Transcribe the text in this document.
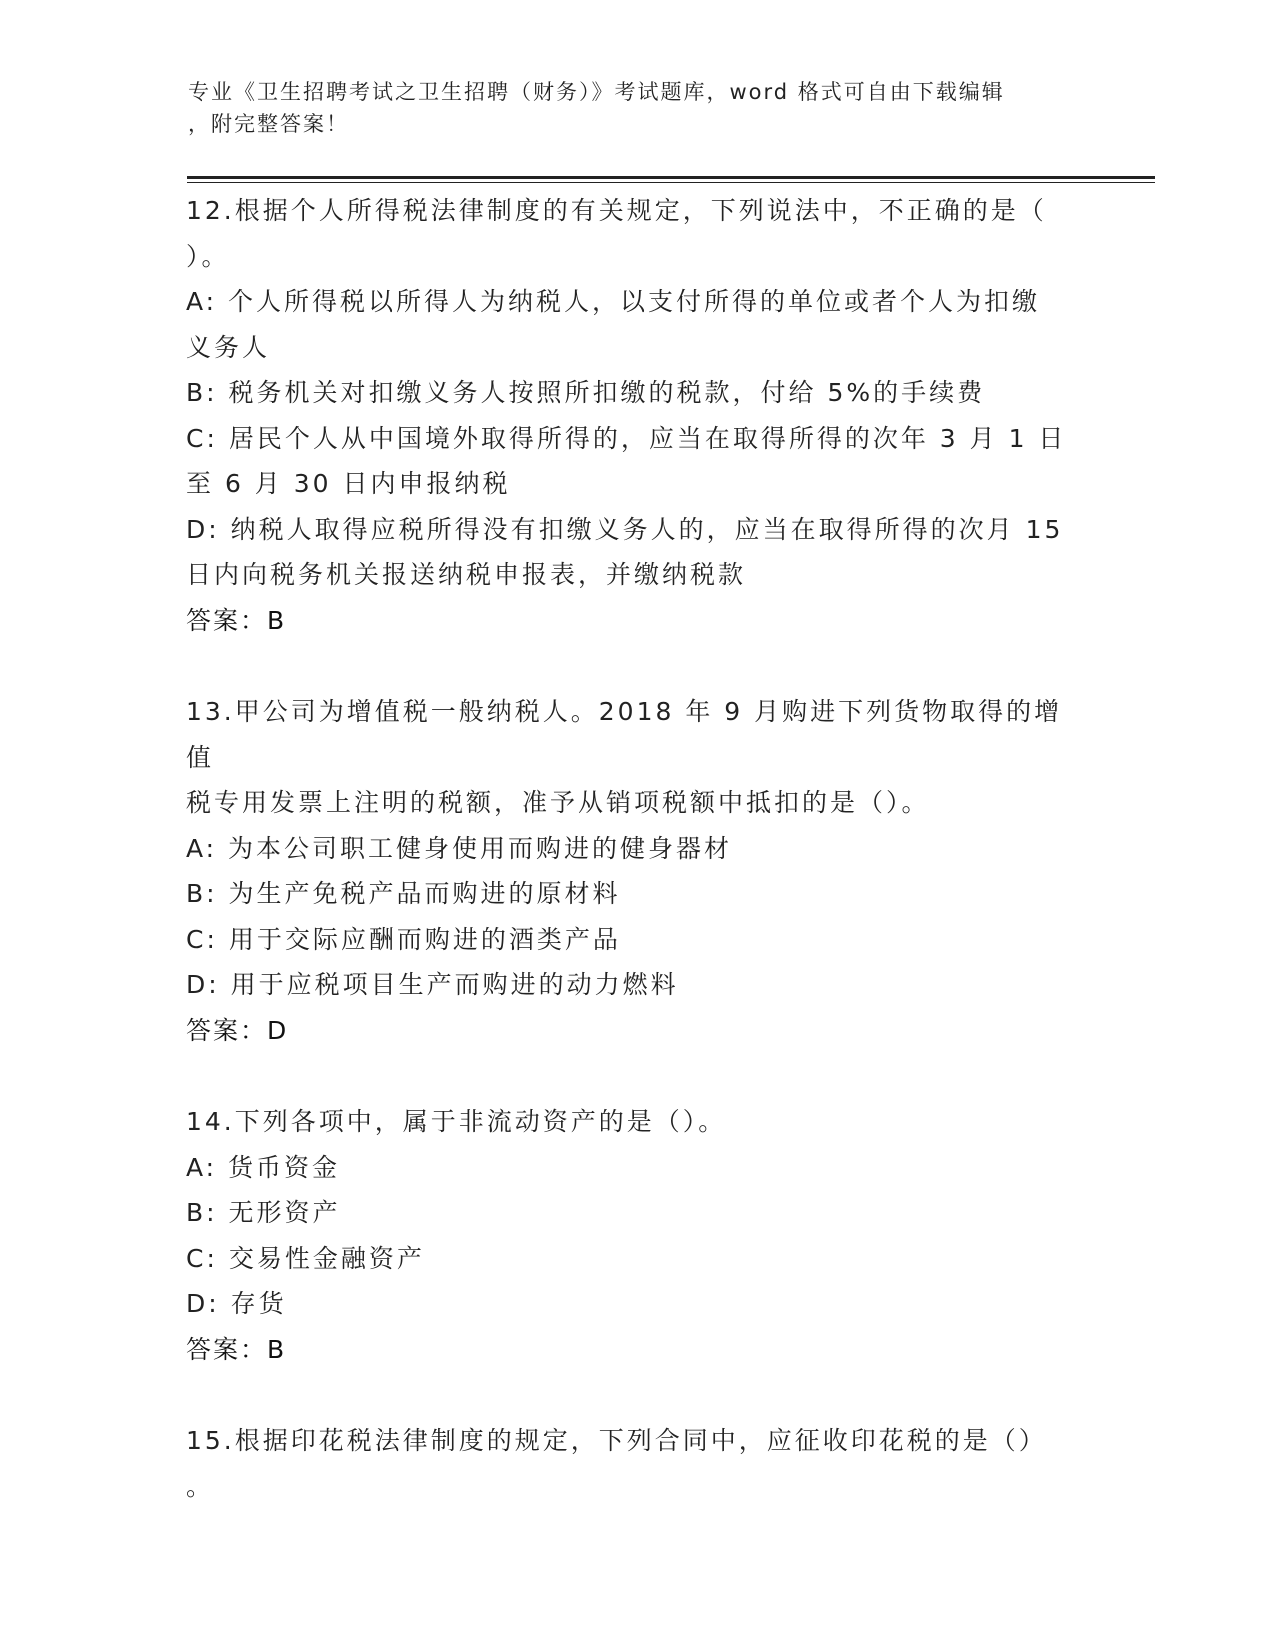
专业《卫生招聘考试之卫生招聘（财务）》考试题库，word 格式可自由下载编辑
，附完整答案！

12.根据个人所得税法律制度的有关规定，下列说法中，不正确的是（

）。

A: 个人所得税以所得人为纳税人，以支付所得的单位或者个人为扣缴

义务人

B: 税务机关对扣缴义务人按照所扣缴的税款，付给 5%的手续费

C: 居民个人从中国境外取得所得的，应当在取得所得的次年 3 月 1 日

至 6 月 30 日内申报纳税

D: 纳税人取得应税所得没有扣缴义务人的，应当在取得所得的次月 15

日内向税务机关报送纳税申报表，并缴纳税款

答案：B

13.甲公司为增值税一般纳税人。2018 年 9 月购进下列货物取得的增值

税专用发票上注明的税额，准予从销项税额中抵扣的是（）。

A: 为本公司职工健身使用而购进的健身器材

B: 为生产免税产品而购进的原材料

C: 用于交际应酬而购进的酒类产品

D: 用于应税项目生产而购进的动力燃料

答案：D

14.下列各项中，属于非流动资产的是（）。

A: 货币资金

B: 无形资产

C: 交易性金融资产

D: 存货

答案：B

15.根据印花税法律制度的规定，下列合同中，应征收印花税的是（）

。
